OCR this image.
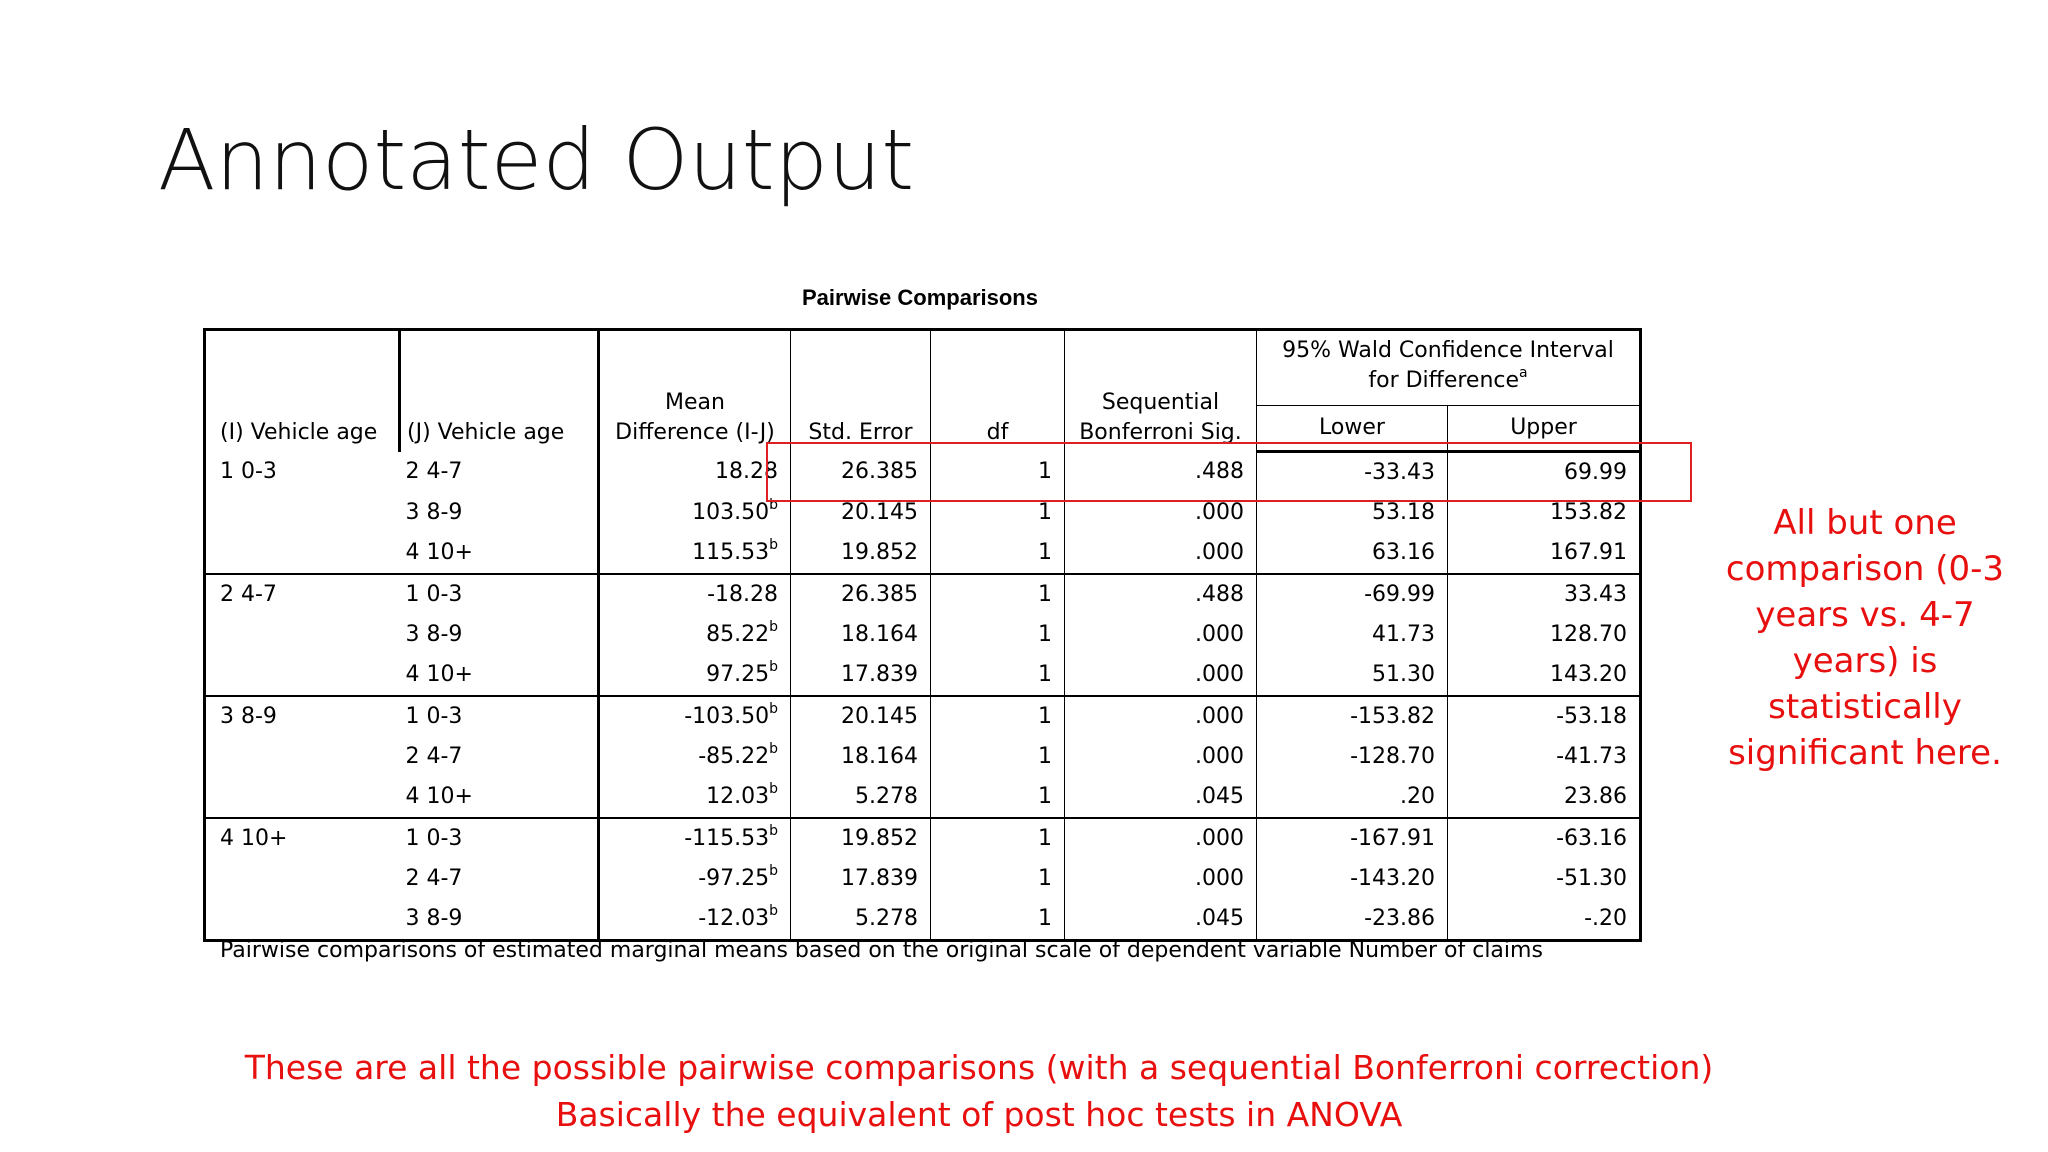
Annotated Output
Pairwise Comparisons
(I) Vehicle age	(J) Vehicle age	Mean Difference (I-J)	Std. Error	df	Sequential Bonferroni Sig.	95% Wald Confidence Interval for Difference$^a$
						Lower	Upper
1 0-3	2 4-7	18.28	26.385	1	.488	-33.43	69.99
	3 8-9	103.50$^b$	20.145	1	.000	53.18	153.82
	4 10+	115.53$^b$	19.852	1	.000	63.16	167.91
2 4-7	1 0-3	-18.28	26.385	1	.488	-69.99	33.43
	3 8-9	85.22$^b$	18.164	1	.000	41.73	128.70
	4 10+	97.25$^b$	17.839	1	.000	51.30	143.20
3 8-9	1 0-3	-103.50$^b$	20.145	1	.000	-153.82	-53.18
	2 4-7	-85.22$^b$	18.164	1	.000	-128.70	-41.73
	4 10+	12.03$^b$	5.278	1	.045	.20	23.86
4 10+	1 0-3	-115.53$^b$	19.852	1	.000	-167.91	-63.16
	2 4-7	-97.25$^b$	17.839	1	.000	-143.20	-51.30
	3 8-9	-12.03$^b$	5.278	1	.045	-23.86	-.20
Pairwise comparisons of estimated marginal means based on the original scale of dependent variable Number of claims
All but one comparison (0-3 years vs. 4-7 years) is statistically significant here.
These are all the possible pairwise comparisons (with a sequential Bonferroni correction)
Basically the equivalent of post hoc tests in ANOVA
